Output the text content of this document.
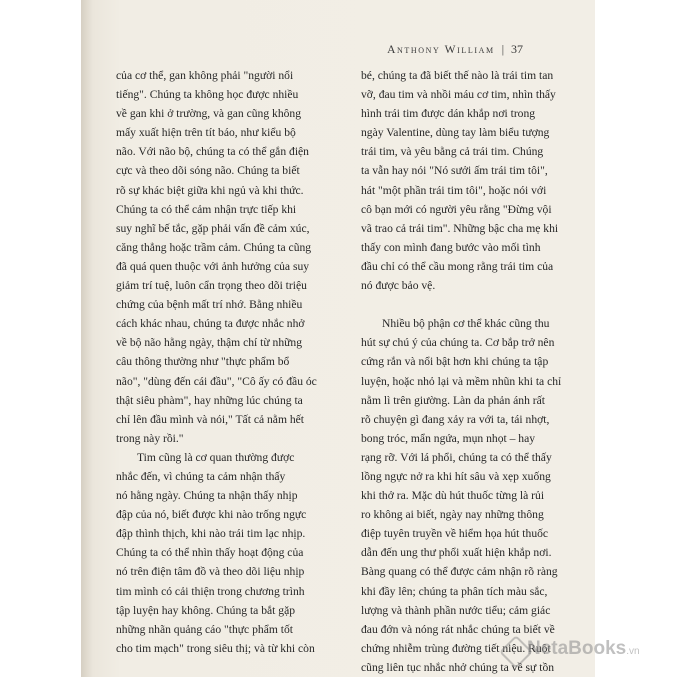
Anthony William | 37
của cơ thể, gan không phải "người nổi
tiếng". Chúng ta không học được nhiều
về gan khi ở trường, và gan cũng không
mấy xuất hiện trên tít báo, như kiểu bộ
não. Với não bộ, chúng ta có thể gắn điện
cực và theo dõi sóng não. Chúng ta biết
rõ sự khác biệt giữa khi ngủ và khi thức.
Chúng ta có thể cảm nhận trực tiếp khi
suy nghĩ bế tắc, gặp phải vấn đề cảm xúc,
căng thẳng hoặc trầm cảm. Chúng ta cũng
đã quá quen thuộc với ảnh hưởng của suy
giảm trí tuệ, luôn cẩn trọng theo dõi triệu
chứng của bệnh mất trí nhớ. Bằng nhiều
cách khác nhau, chúng ta được nhắc nhở
về bộ não hằng ngày, thậm chí từ những
câu thông thường như "thực phẩm bổ
não", "dùng đến cái đầu", "Cô ấy có đầu óc
thật siêu phàm", hay những lúc chúng ta
chỉ lên đầu mình và nói," Tất cả nằm hết
trong này rồi."
Tim cũng là cơ quan thường được
nhắc đến, vì chúng ta cảm nhận thấy
nó hằng ngày. Chúng ta nhận thấy nhịp
đập của nó, biết được khi nào trống ngực
đập thình thịch, khi nào trái tim lạc nhịp.
Chúng ta có thể nhìn thấy hoạt động của
nó trên điện tâm đồ và theo dõi liệu nhịp
tim mình có cải thiện trong chương trình
tập luyện hay không. Chúng ta bắt gặp
những nhãn quảng cáo "thực phẩm tốt
cho tim mạch" trong siêu thị; và từ khi còn
bé, chúng ta đã biết thế nào là trái tim tan
vỡ, đau tim và nhồi máu cơ tim, nhìn thấy
hình trái tim được dán khắp nơi trong
ngày Valentine, dùng tay làm biểu tượng
trái tim, và yêu bằng cả trái tim. Chúng
ta vẫn hay nói "Nó sưởi ấm trái tim tôi",
hát "một phần trái tim tôi", hoặc nói với
cô bạn mới có người yêu rằng "Đừng vội
vã trao cả trái tim". Những bậc cha mẹ khi
thấy con mình đang bước vào mối tình
đầu chỉ có thể cầu mong rằng trái tim của
nó được bảo vệ.
Nhiều bộ phận cơ thể khác cũng thu
hút sự chú ý của chúng ta. Cơ bắp trở nên
cứng rắn và nổi bật hơn khi chúng ta tập
luyện, hoặc nhỏ lại và mềm nhũn khi ta chỉ
nằm lì trên giường. Làn da phản ánh rất
rõ chuyện gì đang xảy ra với ta, tái nhợt,
bong tróc, mẩn ngứa, mụn nhọt – hay
rạng rỡ. Với lá phổi, chúng ta có thể thấy
lồng ngực nở ra khi hít sâu và xẹp xuống
khi thở ra. Mặc dù hút thuốc từng là rủi
ro không ai biết, ngày nay những thông
điệp tuyên truyền về hiểm họa hút thuốc
dẫn đến ung thư phổi xuất hiện khắp nơi.
Bàng quang có thể được cảm nhận rõ ràng
khi đầy lên; chúng ta phân tích màu sắc,
lượng và thành phần nước tiểu; cảm giác
đau đớn và nóng rát nhắc chúng ta biết về
chứng nhiễm trùng đường tiết niệu. Ruột
cũng liên tục nhắc nhở chúng ta về sự tồn
NetaBooks.vn
